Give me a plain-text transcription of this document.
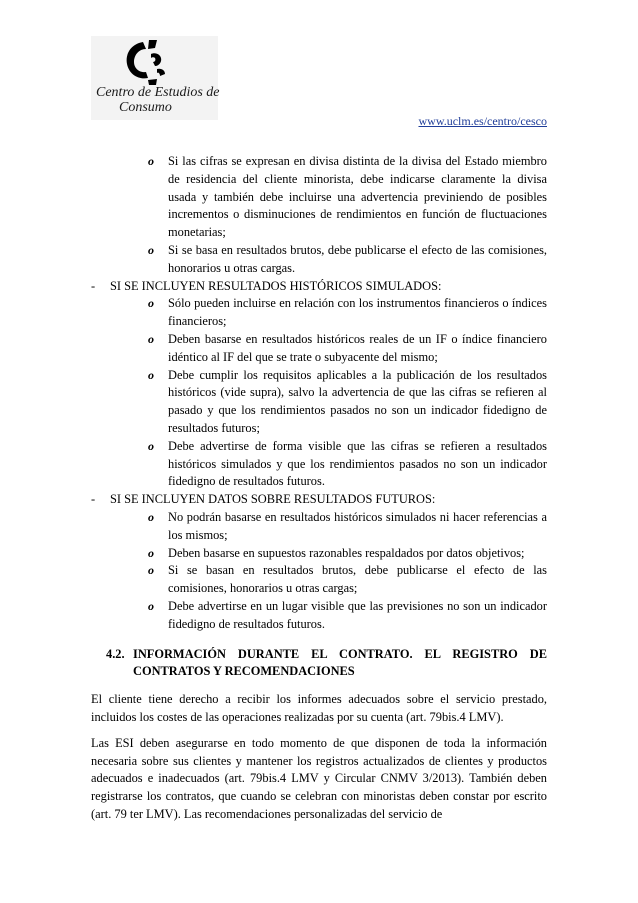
Centro de Estudios de
Consumo
www.uclm.es/centro/cesco
o Si las cifras se expresan en divisa distinta de la divisa del Estado miembro de residencia del cliente minorista, debe indicarse claramente la divisa usada y también debe incluirse una advertencia previniendo de posibles incrementos o disminuciones de rendimientos en función de fluctuaciones monetarias;
o Si se basa en resultados brutos, debe publicarse el efecto de las comisiones, honorarios u otras cargas.
- SI SE INCLUYEN RESULTADOS HISTÓRICOS SIMULADOS:
o Sólo pueden incluirse en relación con los instrumentos financieros o índices financieros;
o Deben basarse en resultados históricos reales de un IF o índice financiero idéntico al IF del que se trate o subyacente del mismo;
o Debe cumplir los requisitos aplicables a la publicación de los resultados históricos (vide supra), salvo la advertencia de que las cifras se refieren al pasado y que los rendimientos pasados no son un indicador fidedigno de resultados futuros;
o Debe advertirse de forma visible que las cifras se refieren a resultados históricos simulados y que los rendimientos pasados no son un indicador fidedigno de resultados futuros.
- SI SE INCLUYEN DATOS SOBRE RESULTADOS FUTUROS:
o No podrán basarse en resultados históricos simulados ni hacer referencias a los mismos;
o Deben basarse en supuestos razonables respaldados por datos objetivos;
o Si se basan en resultados brutos, debe publicarse el efecto de las comisiones, honorarios u otras cargas;
o Debe advertirse en un lugar visible que las previsiones no son un indicador fidedigno de resultados futuros.
4.2. INFORMACIÓN DURANTE EL CONTRATO. EL REGISTRO DE CONTRATOS Y RECOMENDACIONES
El cliente tiene derecho a recibir los informes adecuados sobre el servicio prestado, incluidos los costes de las operaciones realizadas por su cuenta (art. 79bis.4 LMV).
Las ESI deben asegurarse en todo momento de que disponen de toda la información necesaria sobre sus clientes y mantener los registros actualizados de clientes y productos adecuados e inadecuados (art. 79bis.4 LMV y Circular CNMV 3/2013). También deben registrarse los contratos, que cuando se celebran con minoristas deben constar por escrito (art. 79 ter LMV). Las recomendaciones personalizadas del servicio de
